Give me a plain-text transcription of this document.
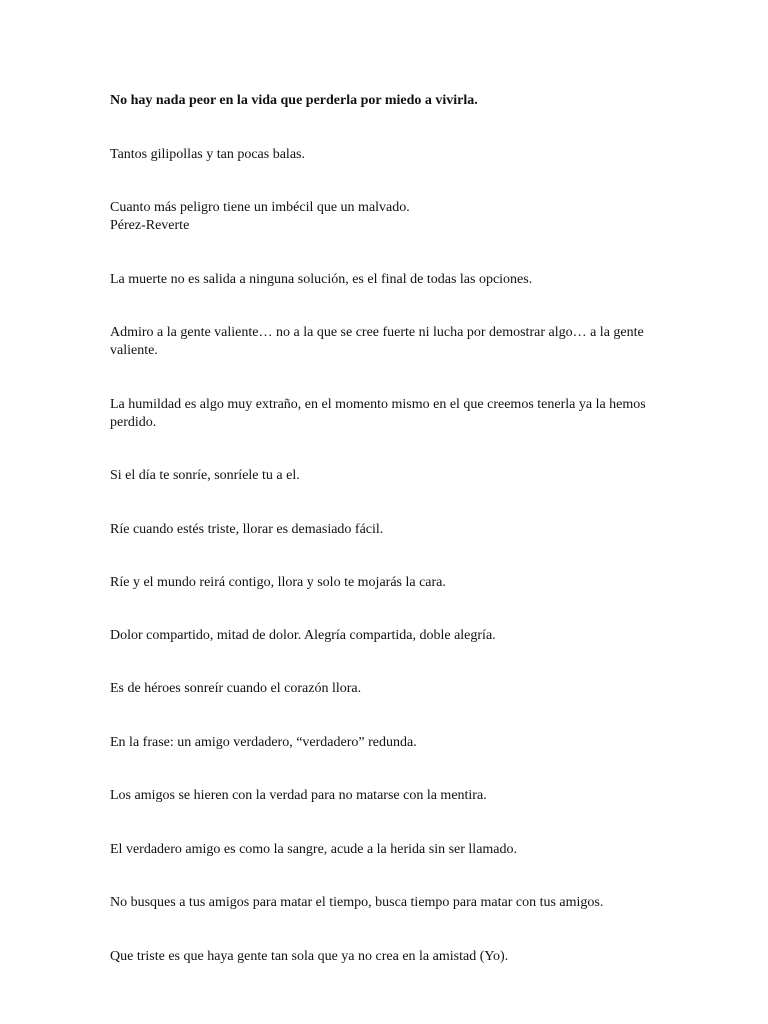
No hay nada peor en la vida que perderla por miedo a vivirla.
Tantos gilipollas y tan pocas balas.
Cuanto más peligro tiene un imbécil que un malvado.
Pérez-Reverte
La muerte no es salida a ninguna solución, es el final de todas las opciones.
Admiro a la gente valiente… no a la que se cree fuerte ni lucha por demostrar algo… a la gente valiente.
La humildad es algo muy extraño, en el momento mismo en el que creemos tenerla ya la hemos perdido.
Si el día te sonríe, sonríele tu a el.
Ríe cuando estés triste, llorar es demasiado fácil.
Ríe y el mundo reirá contigo, llora y solo te mojarás la cara.
Dolor compartido, mitad de dolor. Alegría compartida, doble alegría.
Es de héroes sonreír cuando el corazón llora.
En la frase: un amigo verdadero, “verdadero” redunda.
Los amigos se hieren con la verdad para no matarse con la mentira.
El verdadero amigo es como la sangre, acude a la herida sin ser llamado.
No busques a tus amigos para matar el tiempo, busca tiempo para matar con tus amigos.
Que triste es que haya gente tan sola que ya no crea en la amistad (Yo).
